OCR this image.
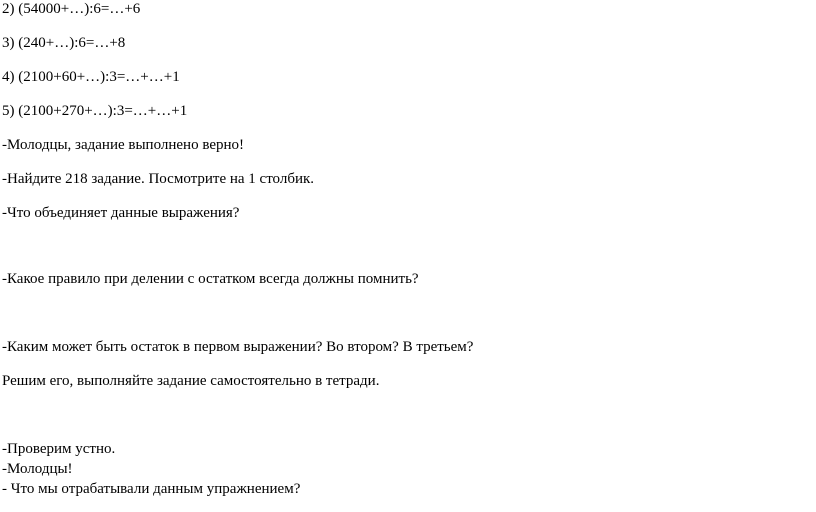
2) (54000+…):6=…+6
3) (240+…):6=…+8
4) (2100+60+…):3=…+…+1
5) (2100+270+…):3=…+…+1
-Молодцы, задание выполнено верно!
-Найдите 218 задание. Посмотрите на 1 столбик.
-Что объединяет данные выражения?
-Какое правило при делении с остатком всегда должны помнить?
-Каким может быть остаток в первом выражении? Во втором? В третьем?
Решим его, выполняйте задание самостоятельно в тетради.
-Проверим устно.
-Молодцы!
- Что мы отрабатывали данным упражнением?
